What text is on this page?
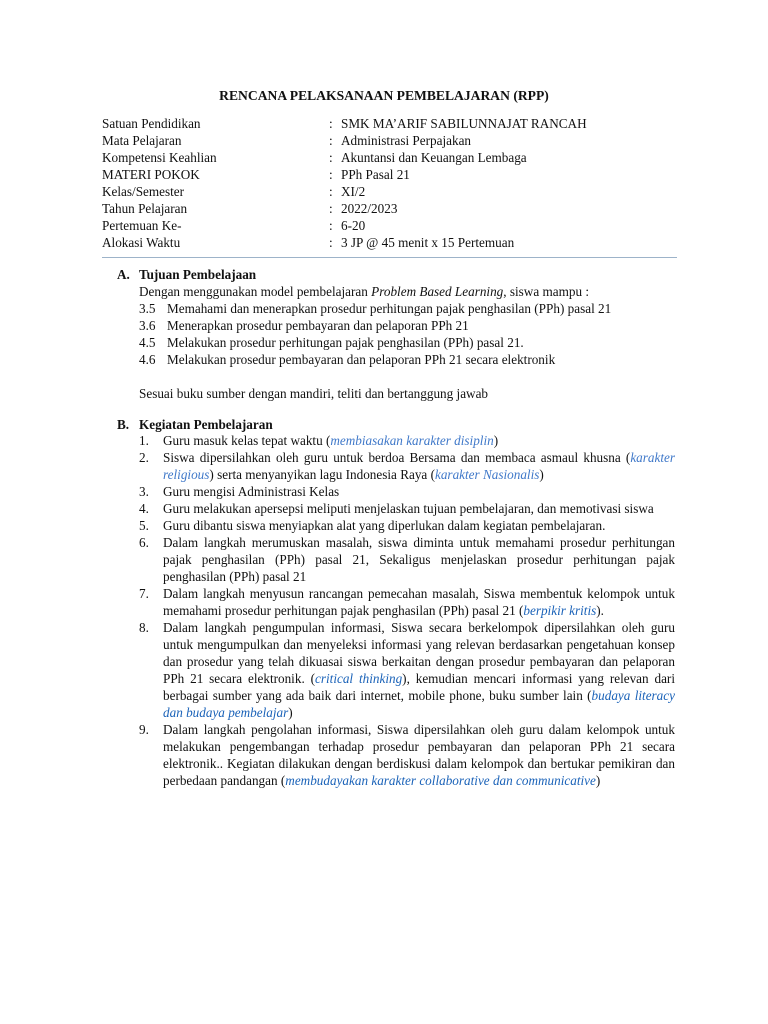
RENCANA PELAKSANAAN PEMBELAJARAN (RPP)
Satuan Pendidikan	: SMK MA’ARIF SABILUNNAJAT RANCAH
Mata Pelajaran	: Administrasi Perpajakan
Kompetensi Keahlian	: Akuntansi dan Keuangan Lembaga
MATERI POKOK	: PPh Pasal 21
Kelas/Semester	: XI/2
Tahun Pelajaran	: 2022/2023
Pertemuan Ke-	: 6-20
Alokasi Waktu	: 3 JP @ 45 menit x 15 Pertemuan
A. Tujuan Pembelajaan
Dengan menggunakan model pembelajaran Problem Based Learning, siswa mampu :
3.5 Memahami dan menerapkan prosedur perhitungan pajak penghasilan (PPh) pasal 21
3.6 Menerapkan prosedur pembayaran dan pelaporan PPh 21
4.5 Melakukan prosedur perhitungan pajak penghasilan (PPh) pasal 21.
4.6 Melakukan prosedur pembayaran dan pelaporan PPh 21 secara elektronik
Sesuai buku sumber dengan mandiri, teliti dan bertanggung jawab
B. Kegiatan Pembelajaran
1.	Guru masuk kelas tepat waktu (membiasakan karakter disiplin)
2.	Siswa dipersilahkan oleh guru untuk berdoa Bersama dan membaca asmaul khusna (karakter religious) serta menyanyikan lagu Indonesia Raya (karakter Nasionalis)
3.	Guru mengisi Administrasi Kelas
4.	Guru melakukan apersepsi meliputi menjelaskan tujuan pembelajaran, dan memotivasi siswa
5.	Guru dibantu siswa menyiapkan alat yang diperlukan dalam kegiatan pembelajaran.
6.	Dalam langkah merumuskan masalah, siswa diminta untuk memahami prosedur perhitungan pajak penghasilan (PPh) pasal 21, Sekaligus menjelaskan prosedur perhitungan pajak penghasilan (PPh) pasal 21
7.	Dalam langkah menyusun rancangan pemecahan masalah, Siswa membentuk kelompok untuk memahami prosedur perhitungan pajak penghasilan (PPh) pasal 21 (berpikir kritis).
8.	Dalam langkah pengumpulan informasi, Siswa secara berkelompok dipersilahkan oleh guru untuk mengumpulkan dan menyeleksi informasi yang relevan berdasarkan pengetahuan konsep dan prosedur yang telah dikuasai siswa berkaitan dengan prosedur pembayaran dan pelaporan PPh 21 secara elektronik. (critical thinking), kemudian mencari informasi yang relevan dari berbagai sumber yang ada baik dari internet, mobile phone, buku sumber lain (budaya literacy dan budaya pembelajar)
9.	Dalam langkah pengolahan informasi, Siswa dipersilahkan oleh guru dalam kelompok untuk melakukan pengembangan terhadap prosedur pembayaran dan pelaporan PPh 21 secara elektronik.. Kegiatan dilakukan dengan berdiskusi dalam kelompok dan bertukar pemikiran dan perbedaan pandangan (membudayakan karakter collaborative dan communicative)
